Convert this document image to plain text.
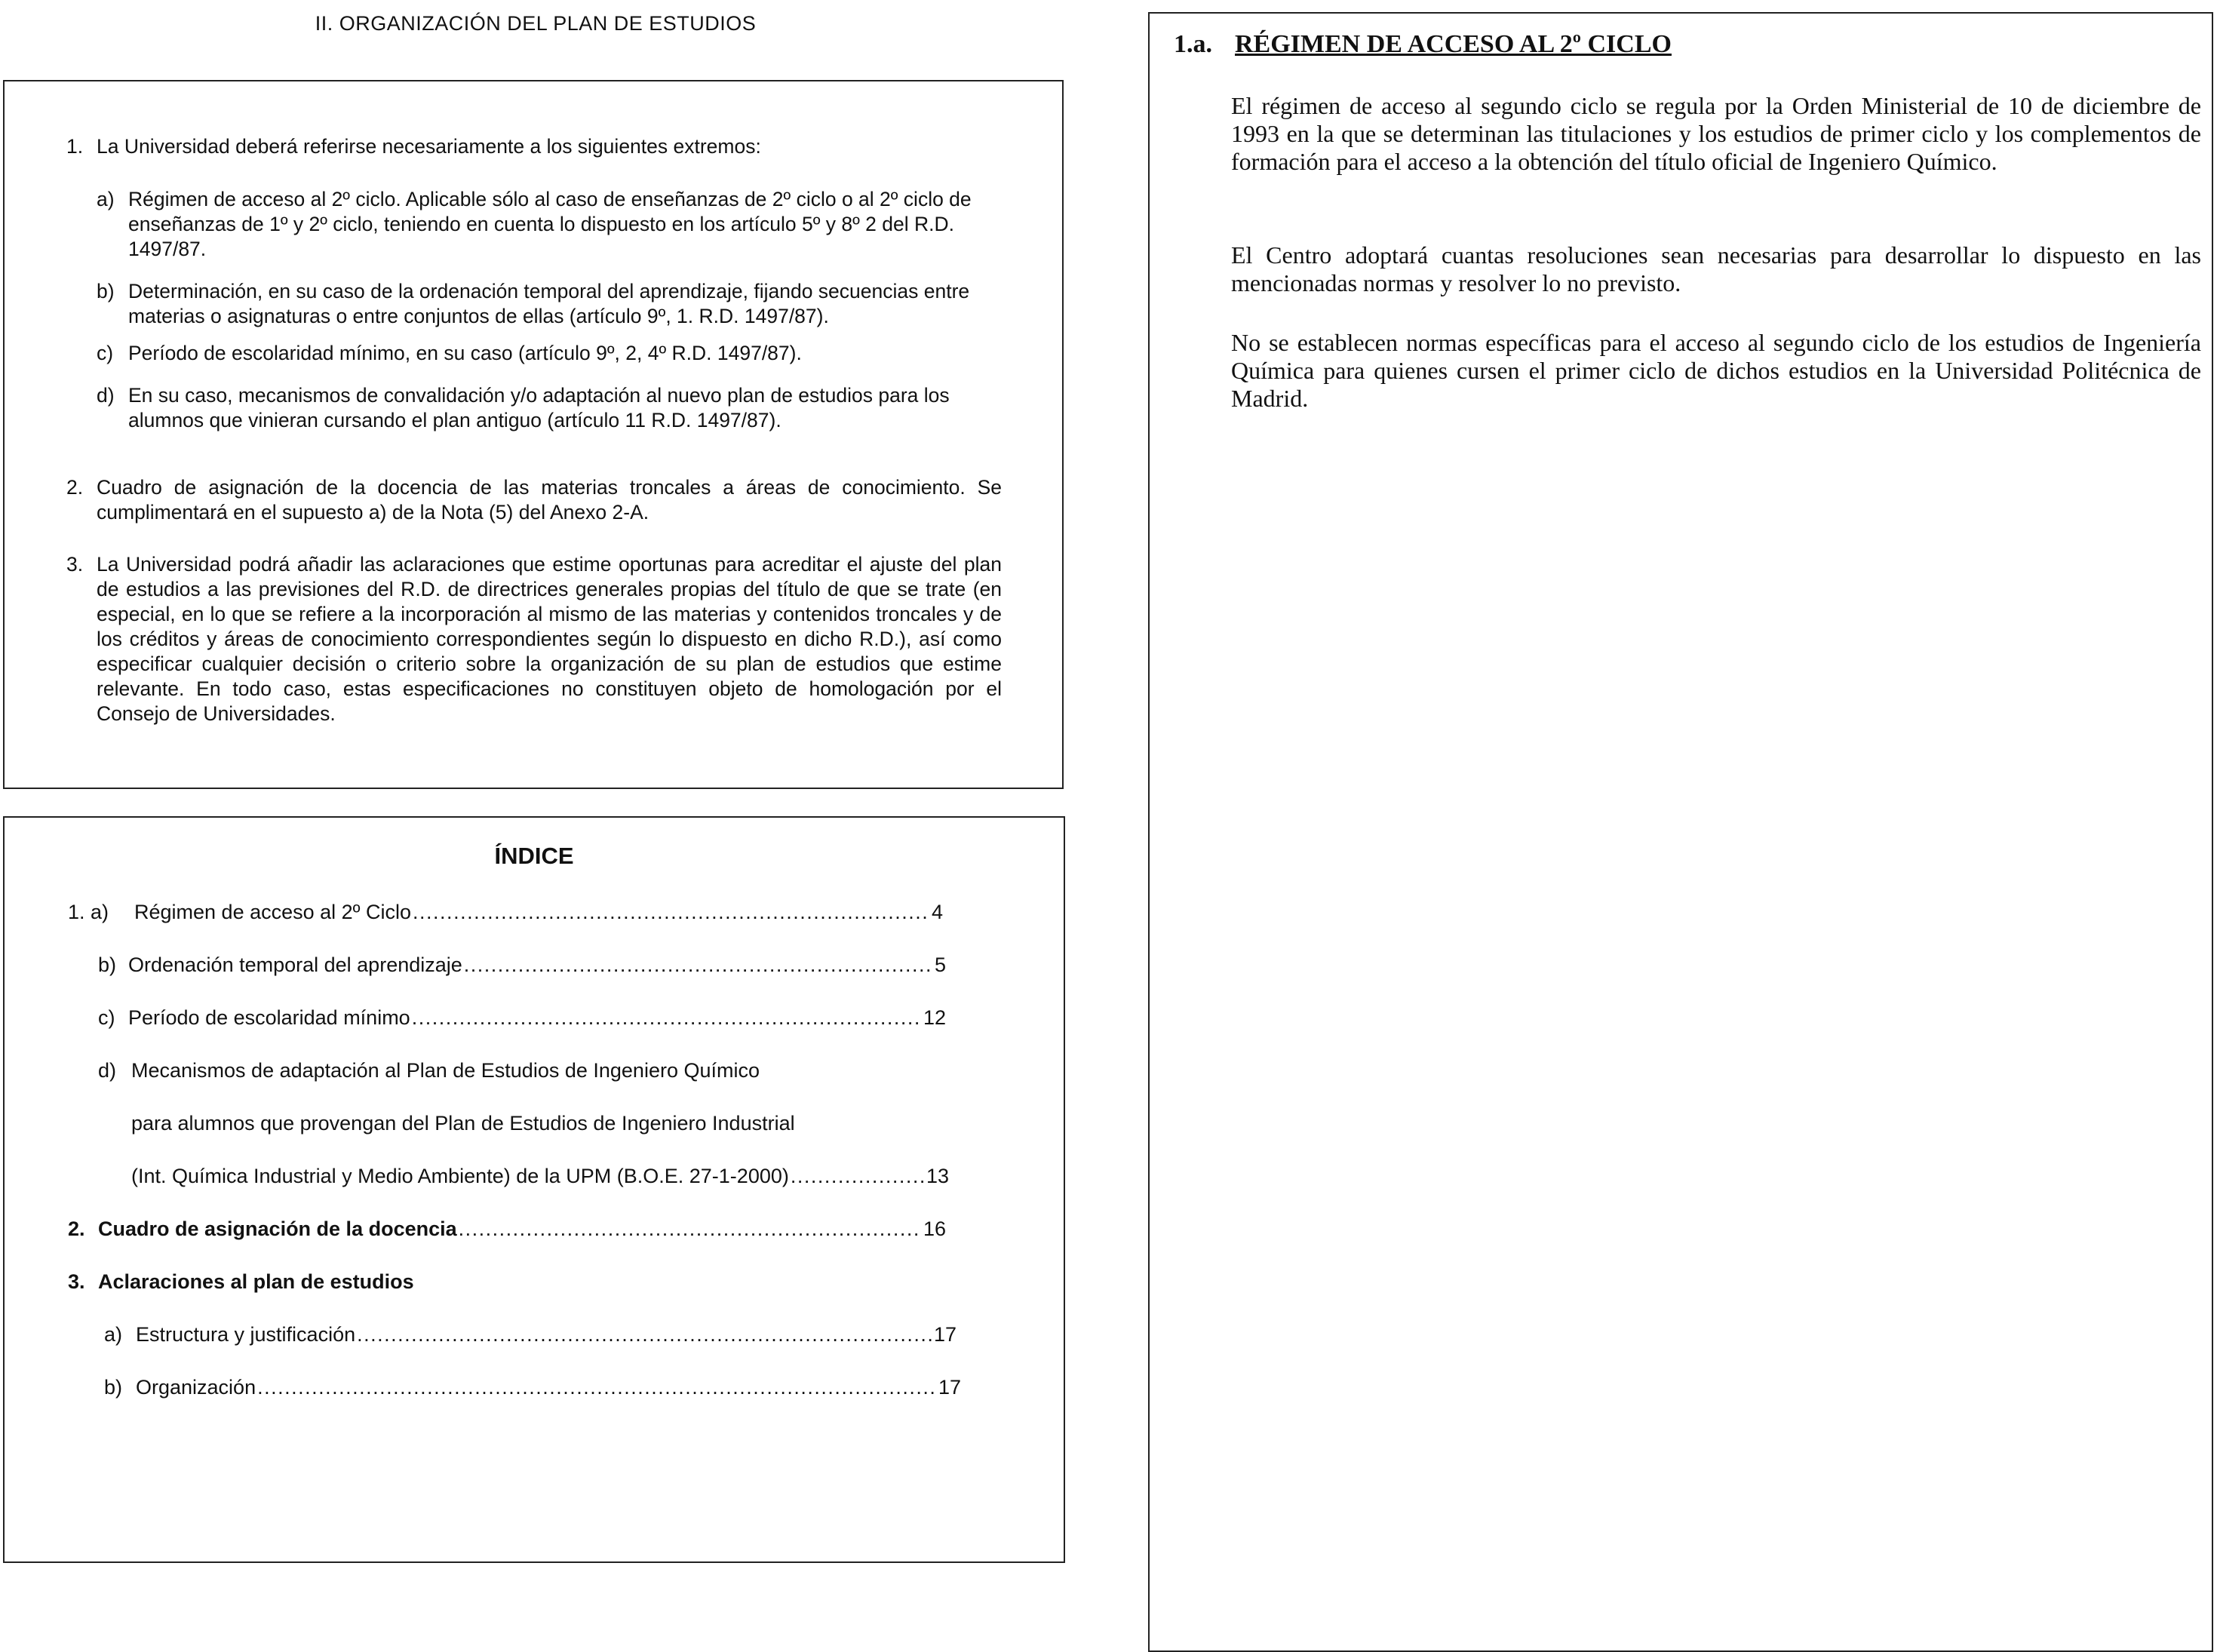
II. ORGANIZACIÓN DEL PLAN DE ESTUDIOS
1. La Universidad deberá referirse necesariamente a los siguientes extremos:
a) Régimen de acceso al 2º ciclo. Aplicable sólo al caso de enseñanzas de 2º ciclo o al 2º ciclo de enseñanzas de 1º y 2º ciclo, teniendo en cuenta lo dispuesto en los artículo 5º y 8º 2 del R.D. 1497/87.
b) Determinación, en su caso de la ordenación temporal del aprendizaje, fijando secuencias entre materias o asignaturas o entre conjuntos de ellas (artículo 9º, 1. R.D. 1497/87).
c) Período de escolaridad mínimo, en su caso (artículo 9º, 2, 4º R.D. 1497/87).
d) En su caso, mecanismos de convalidación y/o adaptación al nuevo plan de estudios para los alumnos que vinieran cursando el plan antiguo (artículo 11 R.D. 1497/87).
2. Cuadro de asignación de la docencia de las materias troncales a áreas de conocimiento. Se cumplimentará en el supuesto a) de la Nota (5) del Anexo 2-A.
3. La Universidad podrá añadir las aclaraciones que estime oportunas para acreditar el ajuste del plan de estudios a las previsiones del R.D. de directrices generales propias del título de que se trate (en especial, en lo que se refiere a la incorporación al mismo de las materias y contenidos troncales y de los créditos y áreas de conocimiento correspondientes según lo dispuesto en dicho R.D.), así como especificar cualquier decisión o criterio sobre la organización de su plan de estudios que estime relevante. En todo caso, estas especificaciones no constituyen objeto de homologación por el Consejo de Universidades.
ÍNDICE
1. a)	Régimen de acceso al 2º Ciclo . . .	4
b) Ordenación temporal del aprendizaje . . .	5
c) Período de escolaridad mínimo . . .	12
d) Mecanismos de adaptación al Plan de Estudios de Ingeniero Químico
para alumnos que provengan del Plan de Estudios de Ingeniero Industrial
(Int. Química Industrial y Medio Ambiente) de la UPM (B.O.E. 27-1-2000) . . .	13
2. Cuadro de asignación de la docencia . . .	16
3. Aclaraciones al plan de estudios
a) Estructura y justificación . . .	17
b) Organización . . .	17
1.a. RÉGIMEN DE ACCESO AL 2º CICLO
El régimen de acceso al segundo ciclo se regula por la Orden Ministerial de 10 de diciembre de 1993 en la que se determinan las titulaciones y los estudios de primer ciclo y los complementos de formación para el acceso a la obtención del título oficial de Ingeniero Químico.
El Centro adoptará cuantas resoluciones sean necesarias para desarrollar lo dispuesto en las mencionadas normas y resolver lo no previsto.
No se establecen normas específicas para el acceso al segundo ciclo de los estudios de Ingeniería Química para quienes cursen el primer ciclo de dichos estudios en la Universidad Politécnica de Madrid.
